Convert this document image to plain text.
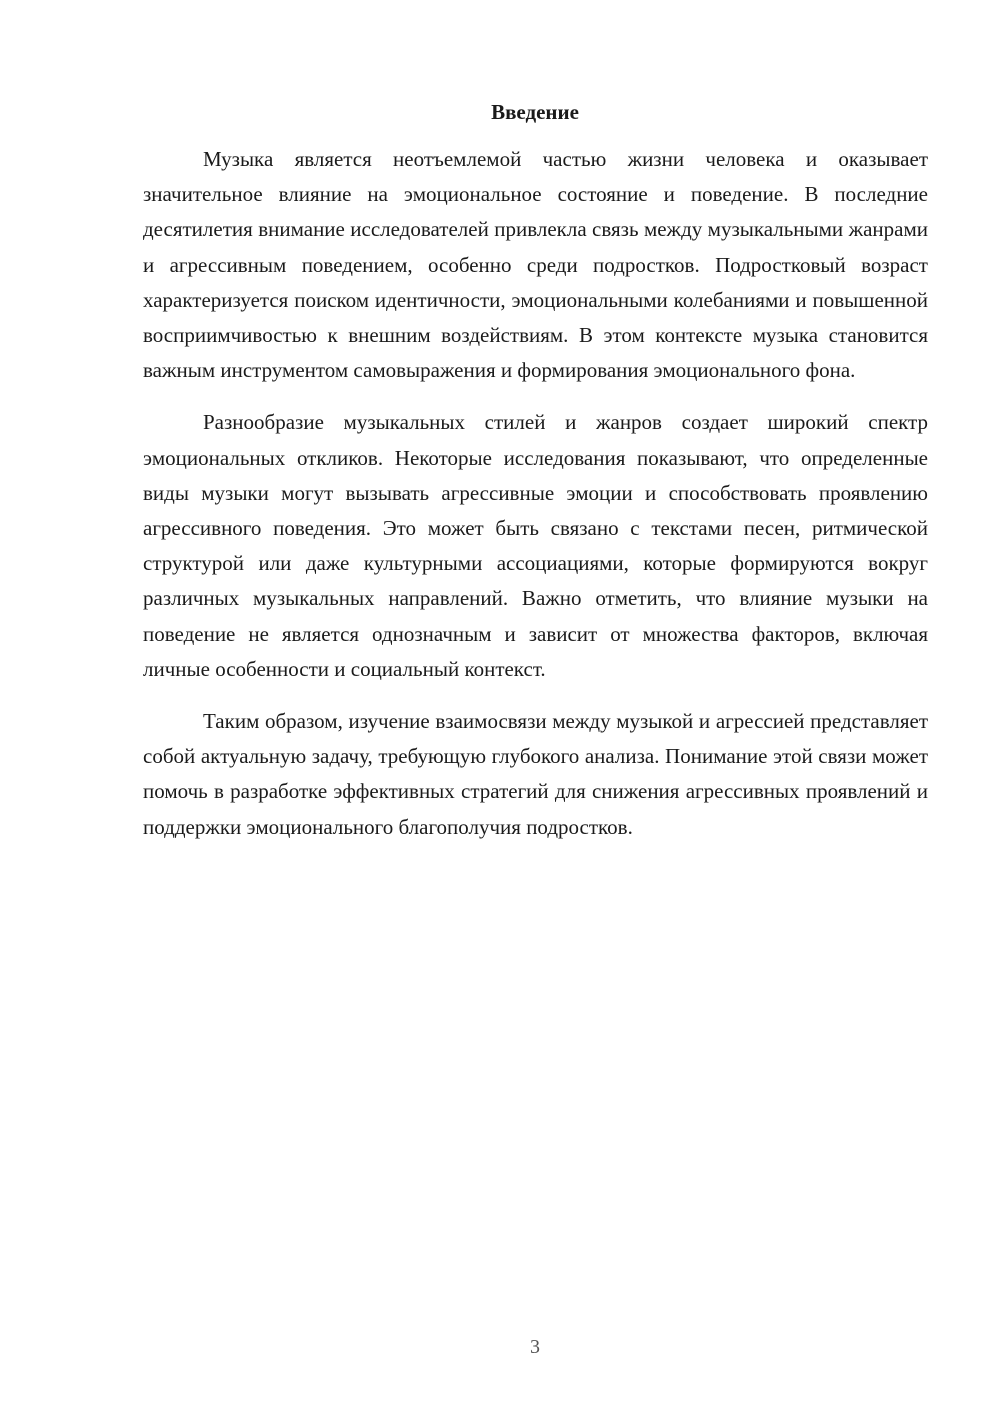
Введение

Музыка является неотъемлемой частью жизни человека и оказывает значительное влияние на эмоциональное состояние и поведение. В последние десятилетия внимание исследователей привлекла связь между музыкальными жанрами и агрессивным поведением, особенно среди подростков. Подростковый возраст характеризуется поиском идентичности, эмоциональными колебаниями и повышенной восприимчивостью к внешним воздействиям. В этом контексте музыка становится важным инструментом самовыражения и формирования эмоционального фона.

Разнообразие музыкальных стилей и жанров создает широкий спектр эмоциональных откликов. Некоторые исследования показывают, что определенные виды музыки могут вызывать агрессивные эмоции и способствовать проявлению агрессивного поведения. Это может быть связано с текстами песен, ритмической структурой или даже культурными ассоциациями, которые формируются вокруг различных музыкальных направлений. Важно отметить, что влияние музыки на поведение не является однозначным и зависит от множества факторов, включая личные особенности и социальный контекст.

Таким образом, изучение взаимосвязи между музыкой и агрессией представляет собой актуальную задачу, требующую глубокого анализа. Понимание этой связи может помочь в разработке эффективных стратегий для снижения агрессивных проявлений и поддержки эмоционального благополучия подростков.

3
